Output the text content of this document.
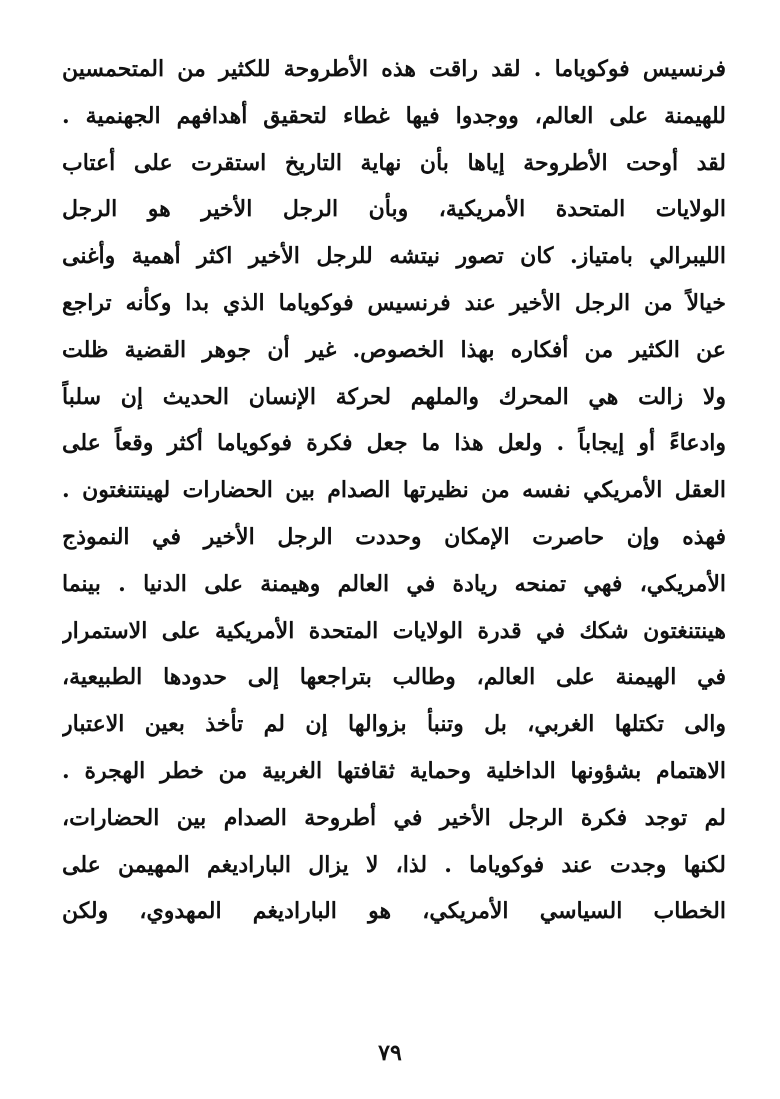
فرنسيس فوكوياما . لقد راقت هذه الأطروحة للكثير من المتحمسين
للهيمنة على العالم، ووجدوا فيها غطاء لتحقيق أهدافهم الجهنمية .
لقد أوحت الأطروحة إياها بأن نهاية التاريخ استقرت على أعتاب
الولايات المتحدة الأمريكية، وبأن الرجل الأخير هو الرجل
الليبرالي بامتياز. كان تصور نيتشه للرجل الأخير اكثر أهمية وأغنى
خيالاً من الرجل الأخير عند فرنسيس فوكوياما الذي بدا وكأنه تراجع
عن الكثير من أفكاره بهذا الخصوص. غير أن جوهر القضية ظلت
ولا زالت هي المحرك والملهم لحركة الإنسان الحديث إن سلباً
وادعاءً أو إيجاباً . ولعل هذا ما جعل فكرة فوكوياما أكثر وقعاً على
العقل الأمريكي نفسه من نظيرتها الصدام بين الحضارات لهينتنغتون .
فهذه وإن حاصرت الإمكان وحددت الرجل الأخير في النموذج
الأمريكي، فهي تمنحه ريادة في العالم وهيمنة على الدنيا . بينما
هينتنغتون شكك في قدرة الولايات المتحدة الأمريكية على الاستمرار
في الهيمنة على العالم، وطالب بتراجعها إلى حدودها الطبيعية،
والى تكتلها الغربي، بل وتنبأ بزوالها إن لم تأخذ بعين الاعتبار
الاهتمام بشؤونها الداخلية وحماية ثقافتها الغربية من خطر الهجرة .
لم توجد فكرة الرجل الأخير في أطروحة الصدام بين الحضارات،
لكنها وجدت عند فوكوياما . لذا، لا يزال البارادیغم المهيمن على
الخطاب السياسي الأمريكي، هو البارادیغم المهدوي، ولكن
٧٩
